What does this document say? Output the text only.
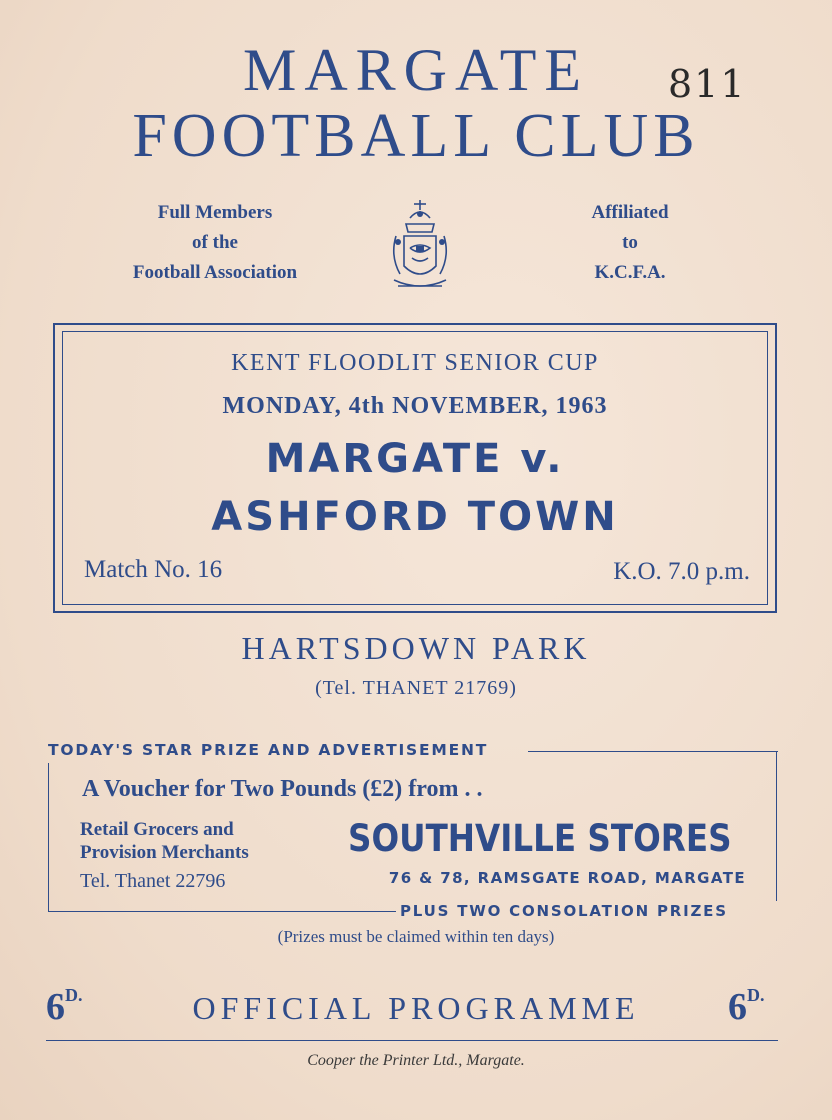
MARGATE
FOOTBALL CLUB
811
Full Members
of the
Football Association
Affiliated
to
K.C.F.A.
KENT FLOODLIT SENIOR CUP
MONDAY, 4th NOVEMBER, 1963
MARGATE v.
ASHFORD TOWN
Match No. 16	K.O. 7.0 p.m.
HARTSDOWN PARK
(Tel. THANET 21769)
TODAY'S STAR PRIZE AND ADVERTISEMENT
A Voucher for Two Pounds (£2) from . .
Retail Grocers and
Provision Merchants
Tel. Thanet 22796
SOUTHVILLE STORES
76 & 78, RAMSGATE ROAD, MARGATE
PLUS TWO CONSOLATION PRIZES
(Prizes must be claimed within ten days)
$6^{D.}$	OFFICIAL PROGRAMME	$6^{D.}$
Cooper the Printer Ltd., Margate.
